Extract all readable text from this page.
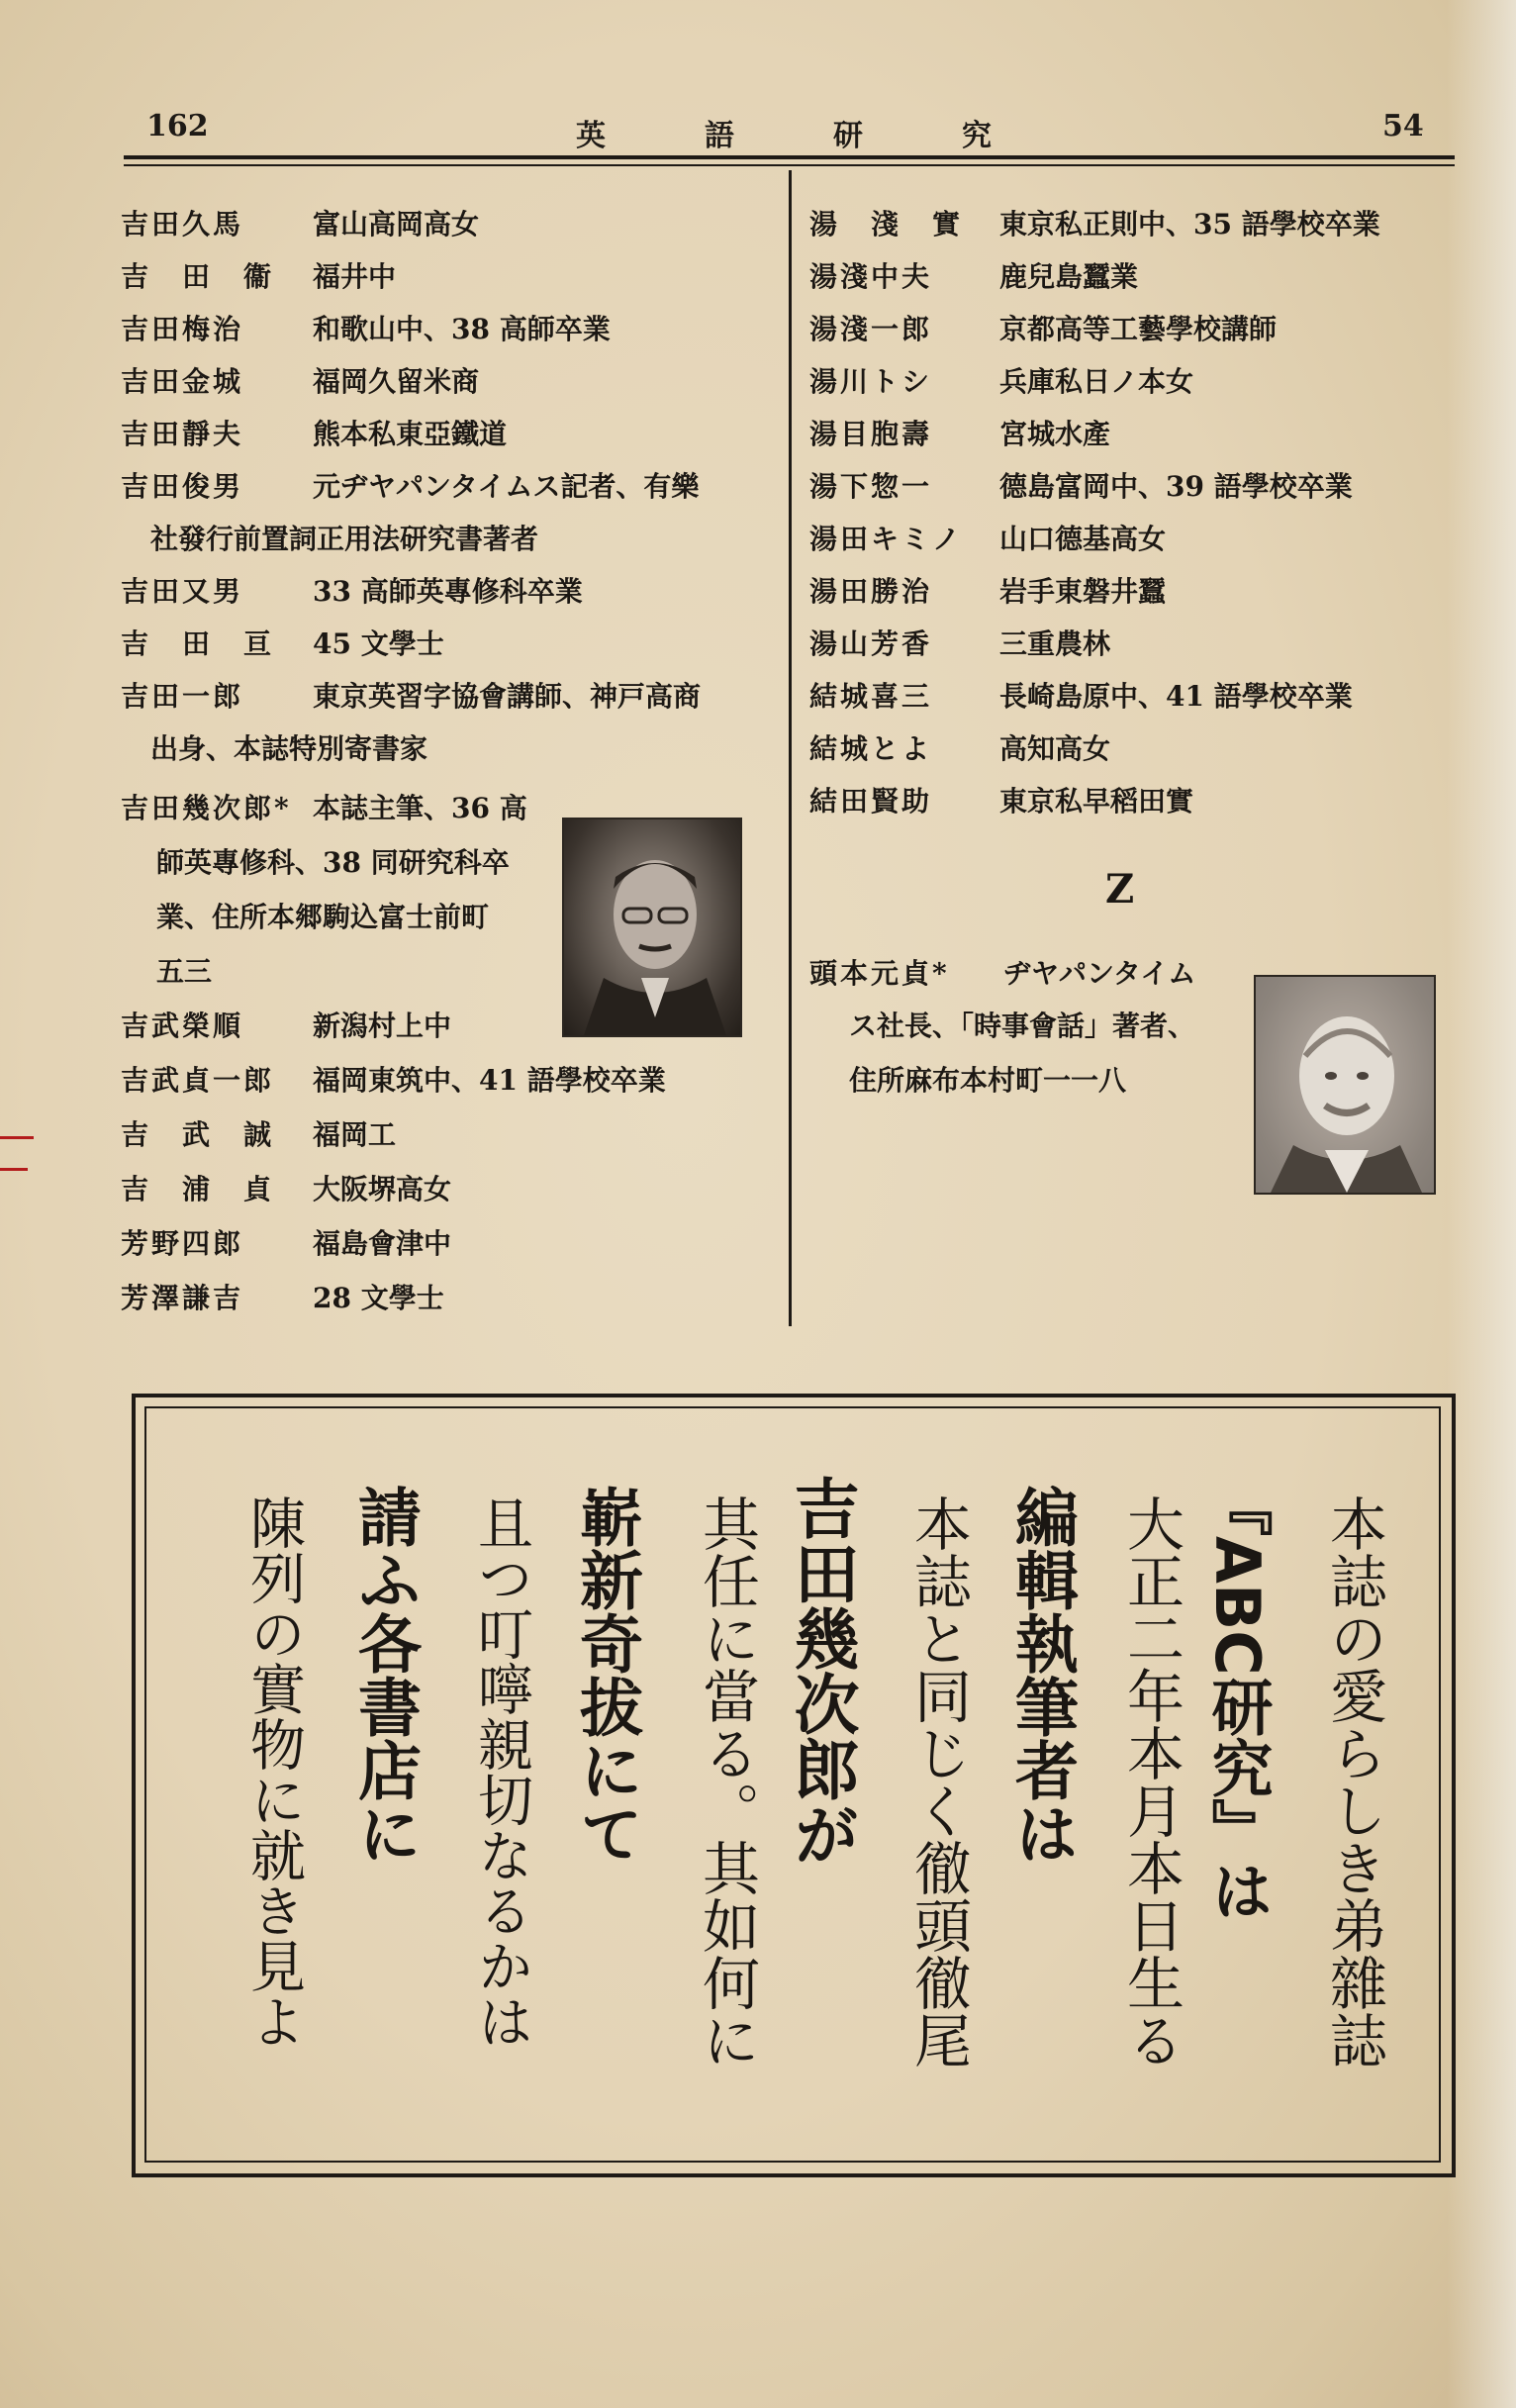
162	英	語	研	究	54
吉田久馬 富山高岡高女
吉　田　衞 福井中
吉田梅治 和歌山中、38 高師卒業
吉田金城 福岡久留米商
吉田靜夫 熊本私東亞鐵道
吉田俊男 元ヂヤパンタイムス記者、有樂
社發行前置詞正用法研究書著者
吉田又男 33 高師英專修科卒業
吉　田　亘 45 文學士
吉田一郎 東京英習字協會講師、神戸高商
出身、本誌特別寄書家
吉田幾次郎* 本誌主筆、36 高
師英專修科、38 同研究科卒
業、住所本郷駒込富士前町
五三
吉武榮順 新潟村上中
吉武貞一郎 福岡東筑中、41 語學校卒業
吉　武　誠 福岡工
吉　浦　貞 大阪堺高女
芳野四郎 福島會津中
芳澤謙吉 28 文學士
湯　淺　實 東京私正則中、35 語學校卒業
湯淺中夫 鹿兒島蠶業
湯淺一郎 京都高等工藝學校講師
湯川トシ 兵庫私日ノ本女
湯目胞壽 宮城水產
湯下惣一 德島富岡中、39 語學校卒業
湯田キミノ 山口德基高女
湯田勝治 岩手東磐井蠶
湯山芳香 三重農林
結城喜三 長崎島原中、41 語學校卒業
結城とよ 高知高女
結田賢助 東京私早稻田實
Z
頭本元貞* ヂヤパンタイム
ス社長、「時事會話」著者、
住所麻布本村町一一八
本誌の愛らしき弟雜誌
『ABC研究』は
大正二年本月本日生る
編輯執筆者は
本誌と同じく徹頭徹尾
吉田幾次郎が
其任に當る。其如何に
嶄新奇拔にて
且つ叮嚀親切なるかは
請ふ各書店に
陳列の實物に就き見よ
